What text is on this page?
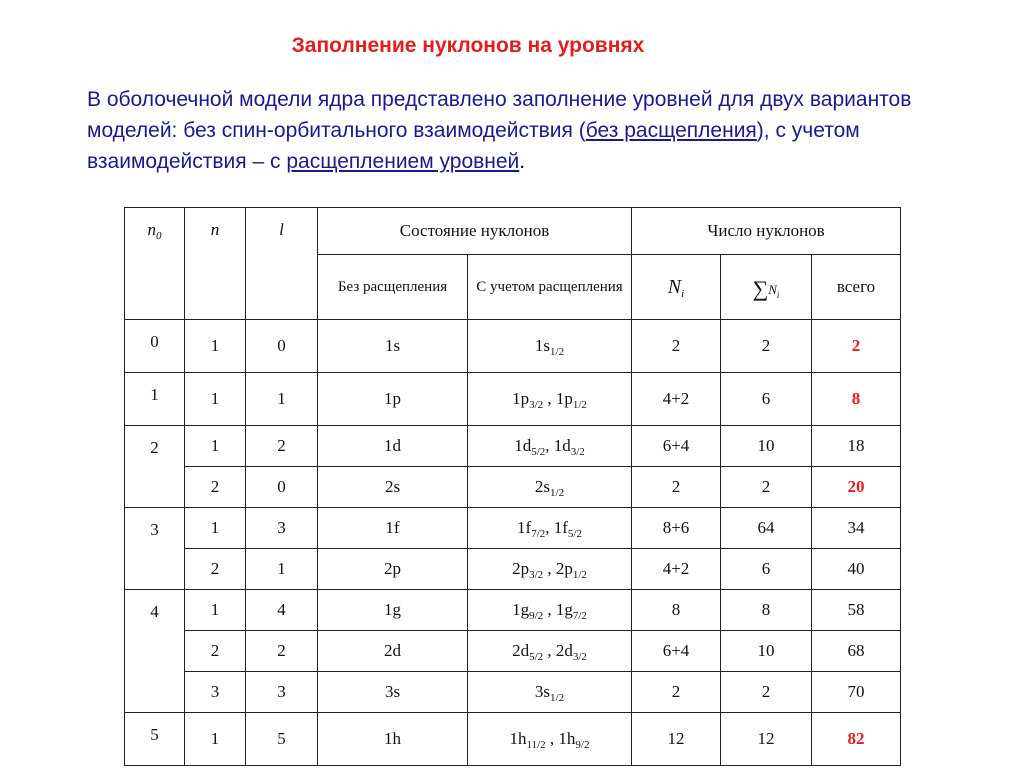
Заполнение нуклонов на уровнях
В оболочечной модели ядра представлено заполнение уровней для двух вариантов моделей: без спин-орбитального взаимодействия (без расщепления), с учетом взаимодействия – с расщеплением уровней.
$n_0$	n	l	Состояние нуклонов		Число нуклонов		
			Без расщепления	С учетом расщепления	$N_i$	$\sum N_i$	всего
0	1	0	1s	$1s_{1/2}$	2	2	2
1	1	1	1p	$1p_{3/2}$ , $1p_{1/2}$	4+2	6	8
2	1	2	1d	$1d_{5/2}$, $1d_{3/2}$	6+4	10	18
	2	0	2s	$2s_{1/2}$	2	2	20
3	1	3	1f	$1f_{7/2}$, $1f_{5/2}$	8+6	64	34
	2	1	2p	$2p_{3/2}$ , $2p_{1/2}$	4+2	6	40
4	1	4	1g	$1g_{9/2}$ , $1g_{7/2}$	8	8	58
	2	2	2d	$2d_{5/2}$ , $2d_{3/2}$	6+4	10	68
	3	3	3s	$3s_{1/2}$	2	2	70
5	1	5	1h	$1h_{11/2}$ , $1h_{9/2}$	12	12	82
